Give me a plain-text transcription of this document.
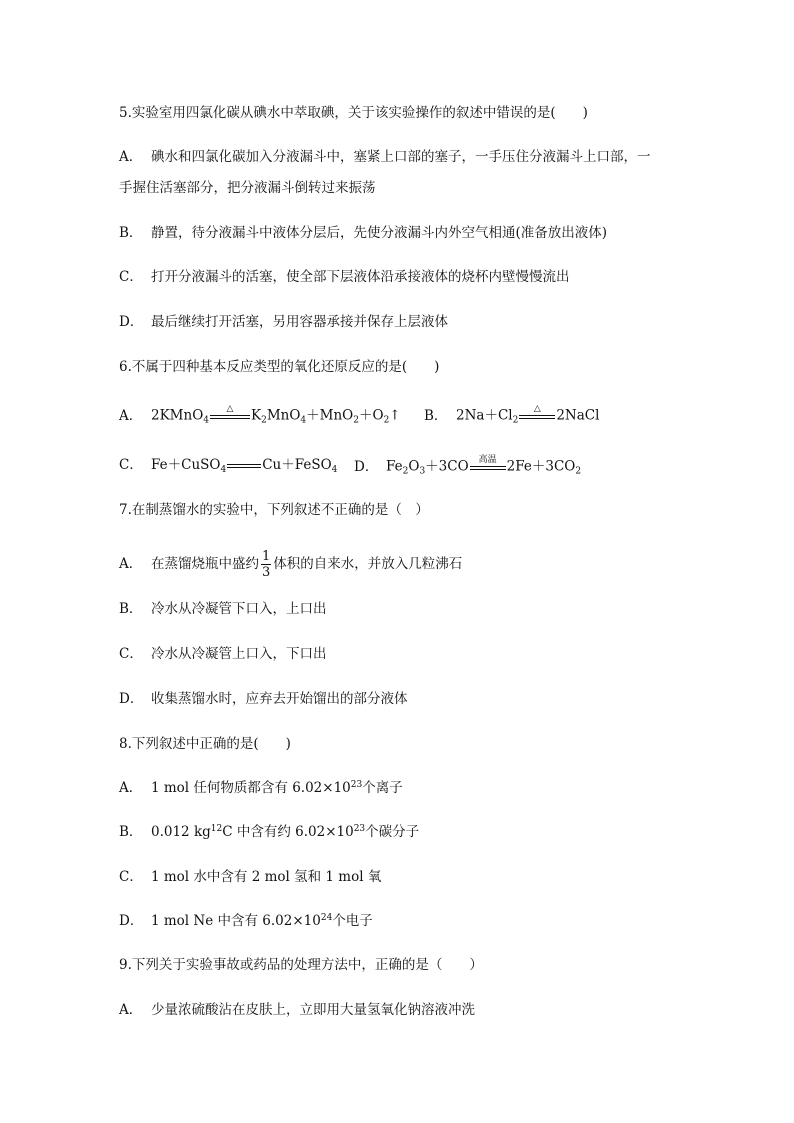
5.实验室用四氯化碳从碘水中萃取碘，关于该实验操作的叙述中错误的是(　　)
A． 碘水和四氯化碳加入分液漏斗中，塞紧上口部的塞子，一手压住分液漏斗上口部，一
手握住活塞部分，把分液漏斗倒转过来振荡
B． 静置，待分液漏斗中液体分层后，先使分液漏斗内外空气相通(准备放出液体)
C． 打开分液漏斗的活塞，使全部下层液体沿承接液体的烧杯内壁慢慢流出
D． 最后继续打开活塞，另用容器承接并保存上层液体
6.不属于四种基本反应类型的氧化还原反应的是(　　)
A． 2KMnO$_4$
△ $K_2MnO_4+MnO_2+O_2↑$ B． $2Na+Cl_2$
△ 2NaCl
C． Fe＋CuSO$_4$	Cu＋FeSO$_4$ D． $Fe_2O_3+3CO$ 高温 $2Fe+3CO_2$
7.在制蒸馏水的实验中，下列叙述不正确的是（　）
A． 在蒸馏烧瓶中盛约 $\frac{1}{3}$ 体积的自来水，并放入几粒沸石
B． 冷水从冷凝管下口入，上口出
C． 冷水从冷凝管上口入，下口出
D． 收集蒸馏水时，应弃去开始馏出的部分液体
8.下列叙述中正确的是(　　)
A． 1 mol 任何物质都含有 $6.02\times 10^{23}$个离子
B． 0.012 $kg^{12}C$ 中含有约 $6.02\times 10^{23}$个碳分子
C． 1 mol 水中含有 2 mol 氢和 1 mol 氧
D． 1 mol Ne 中含有 $6.02\times 10^{24}$个电子
9.下列关于实验事故或药品的处理方法中，正确的是（　　）
A． 少量浓硫酸沾在皮肤上，立即用大量氢氧化钠溶液冲洗
